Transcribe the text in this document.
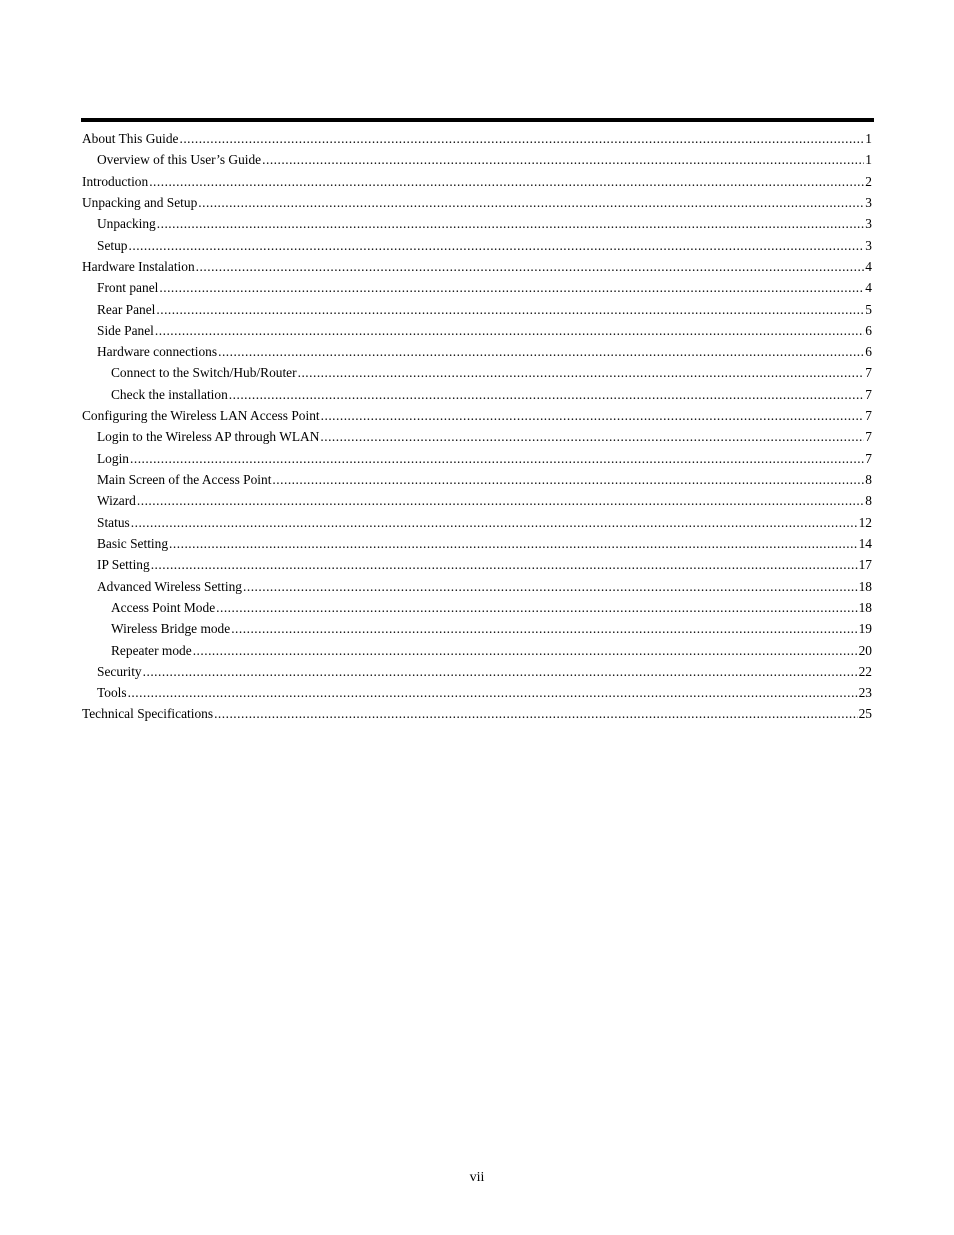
About This Guide .....	1
Overview of this User’s Guide .....	1
Introduction .....	2
Unpacking and Setup .....	3
Unpacking .....	3
Setup .....	3
Hardware Instalation .....	4
Front panel .....	4
Rear Panel .....	5
Side Panel .....	6
Hardware connections .....	6
Connect to the Switch/Hub/Router .....	7
Check the installation .....	7
Configuring the Wireless LAN Access Point .....	7
Login to the Wireless AP through WLAN .....	7
Login .....	7
Main Screen of the Access Point .....	8
Wizard .....	8
Status .....	12
Basic Setting .....	14
IP Setting .....	17
Advanced Wireless Setting .....	18
Access Point Mode .....	18
Wireless Bridge mode .....	19
Repeater mode .....	20
Security .....	22
Tools .....	23
Technical Specifications .....	25
vii
